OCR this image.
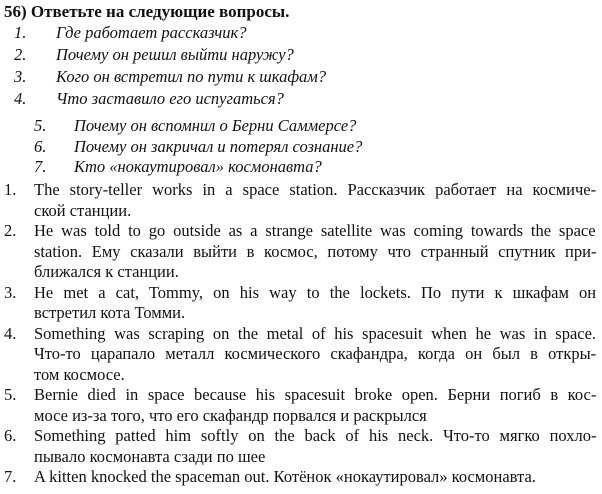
56) Ответьте на следующие вопросы.
1. Где работает рассказчик?
2. Почему он решил выйти наружу?
3. Кого он встретил по пути к шкафам?
4. Что заставило его испугаться?
5. Почему он вспомнил о Берни Саммерсе?
6. Почему он закричал и потерял сознание?
7. Кто «нокаутировал» космонавта?
1. The story-teller works in a space station. Рассказчик работает на космиче-
ской станции.
2. He was told to go outside as a strange satellite was coming towards the space
station. Ему сказали выйти в космос, потому что странный спутник при-
ближался к станции.
3. He met a cat, Tommy, on his way to the lockets. По пути к шкафам он
встретил кота Томми.
4. Something was scraping on the metal of his spacesuit when he was in space.
Что-то царапало металл космического скафандра, когда он был в откры-
том космосе.
5. Bernie died in space because his spacesuit broke open. Берни погиб в кос-
мосе из-за того, что его скафандр порвался и раскрылся
6. Something patted him softly on the back of his neck. Что-то мягко похло-
пывало космонавта сзади по шее
7. A kitten knocked the spaceman out. Котёнок «нокаутировал» космонавта.
